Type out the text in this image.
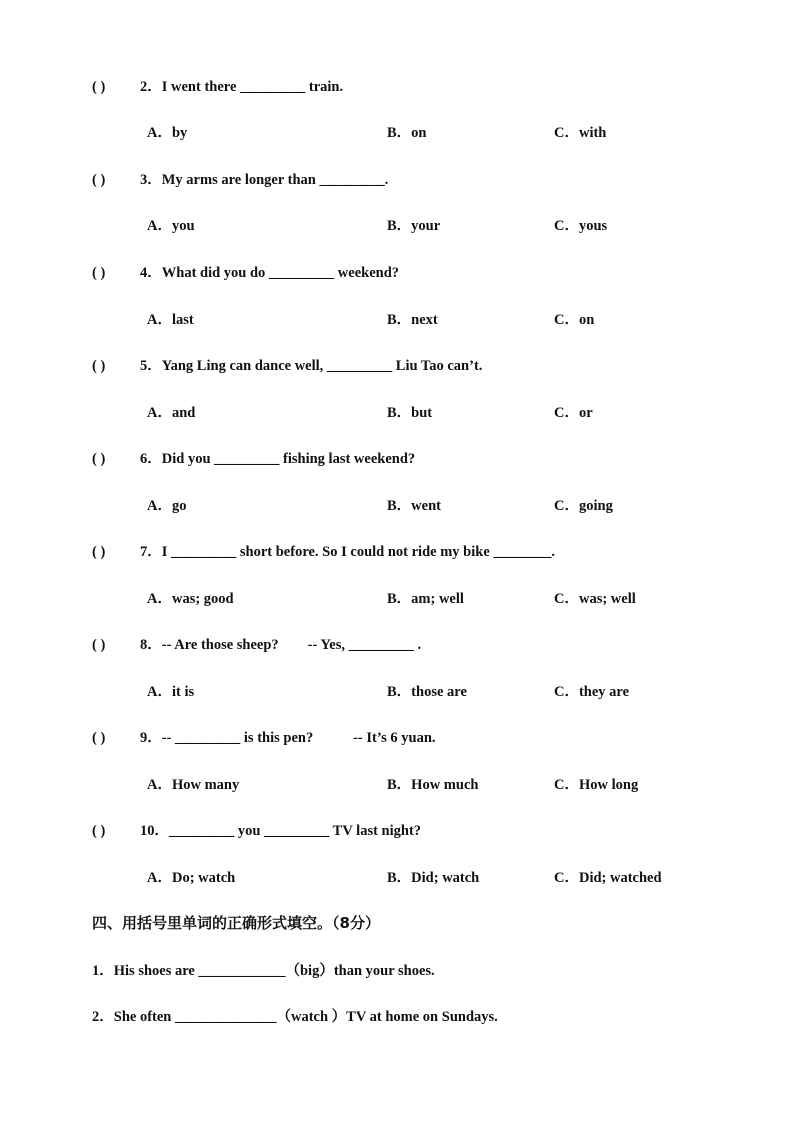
( ) 2．I went there _________ train.
A．by	B．on	C．with
( ) 3．My arms are longer than _________.
A．you	B．your	C．yous
( ) 4．What did you do _________ weekend?
A．last	B．next	C．on
( ) 5．Yang Ling can dance well, _________ Liu Tao can’t.
A．and	B．but	C．or
( ) 6．Did you _________ fishing last weekend?
A．go	B．went	C．going
( ) 7．I _________ short before. So I could not ride my bike ________.
A．was; good	B．am; well	C．was; well
( ) 8．-- Are those sheep?        -- Yes, _________ .
A．it is	B．those are	C．they are
( ) 9．-- _________ is this pen?           -- It’s 6 yuan.
A．How many	B．How much	C．How long
( ) 10．_________ you _________ TV last night?
A．Do; watch	B．Did; watch	C．Did; watched
四、用括号里单词的正确形式填空。（8分）
1．His shoes are ____________（big）than your shoes.
2．She often ______________（watch ）TV at home on Sundays.
